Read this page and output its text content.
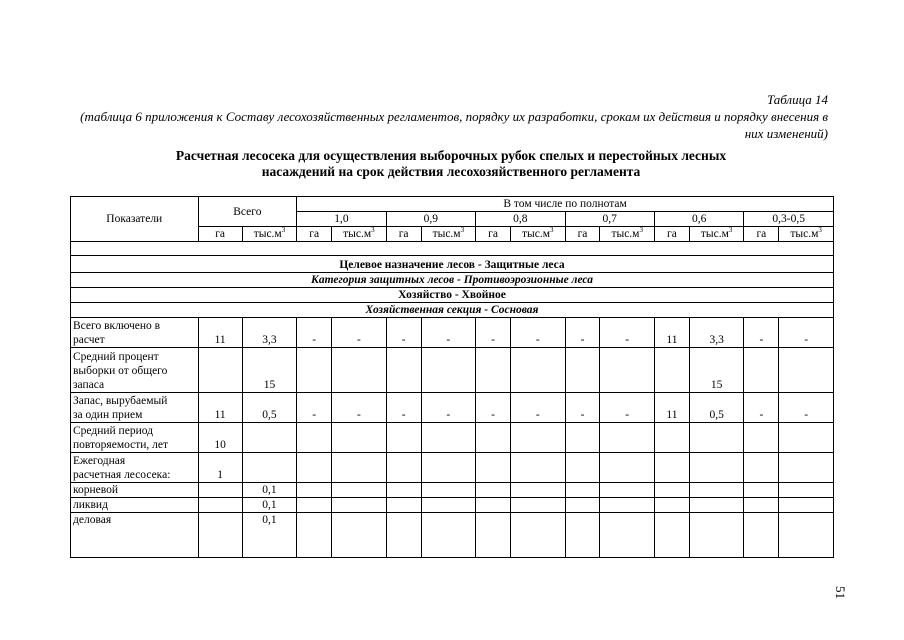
Таблица 14
(таблица 6 приложения к Составу лесохозяйственных регламентов, порядку их разработки, срокам их действия и порядку внесения в них изменений)
Расчетная лесосека для осуществления выборочных рубок спелых и перестойных лесных
насаждений на срок действия лесохозяйственного регламента
Показатели	Всего		В том числе по полнотам											
			1,0		0,9		0,8		0,7		0,6		0,3-0,5	
	га	$тыс.м^3$	га	$тыс.м^3$	га	$тыс.м^3$	га	$тыс.м^3$	га	$тыс.м^3$	га	$тыс.м^3$	га	$тыс.м^3$

Целевое назначение лесов - Защитные леса														
Категория защитных лесов - Противоэрозионные леса														
Хозяйство - Хвойное														
Хозяйственная секция - Сосновая														

Всего включено в
расчет	11	3,3	-	-	-	-	-	-	-	-	11	3,3	-	-

Средний процент
выборки от общего
запаса		15										15		

Запас, вырубаемый
за один прием	11	0,5	-	-	-	-	-	-	-	-	11	0,5	-	-

Средний период
повторяемости, лет	10													

Ежегодная
расчетная лесосека:	1													

корневой		0,1												

ликвид		0,1												

деловая		0,1												
51
